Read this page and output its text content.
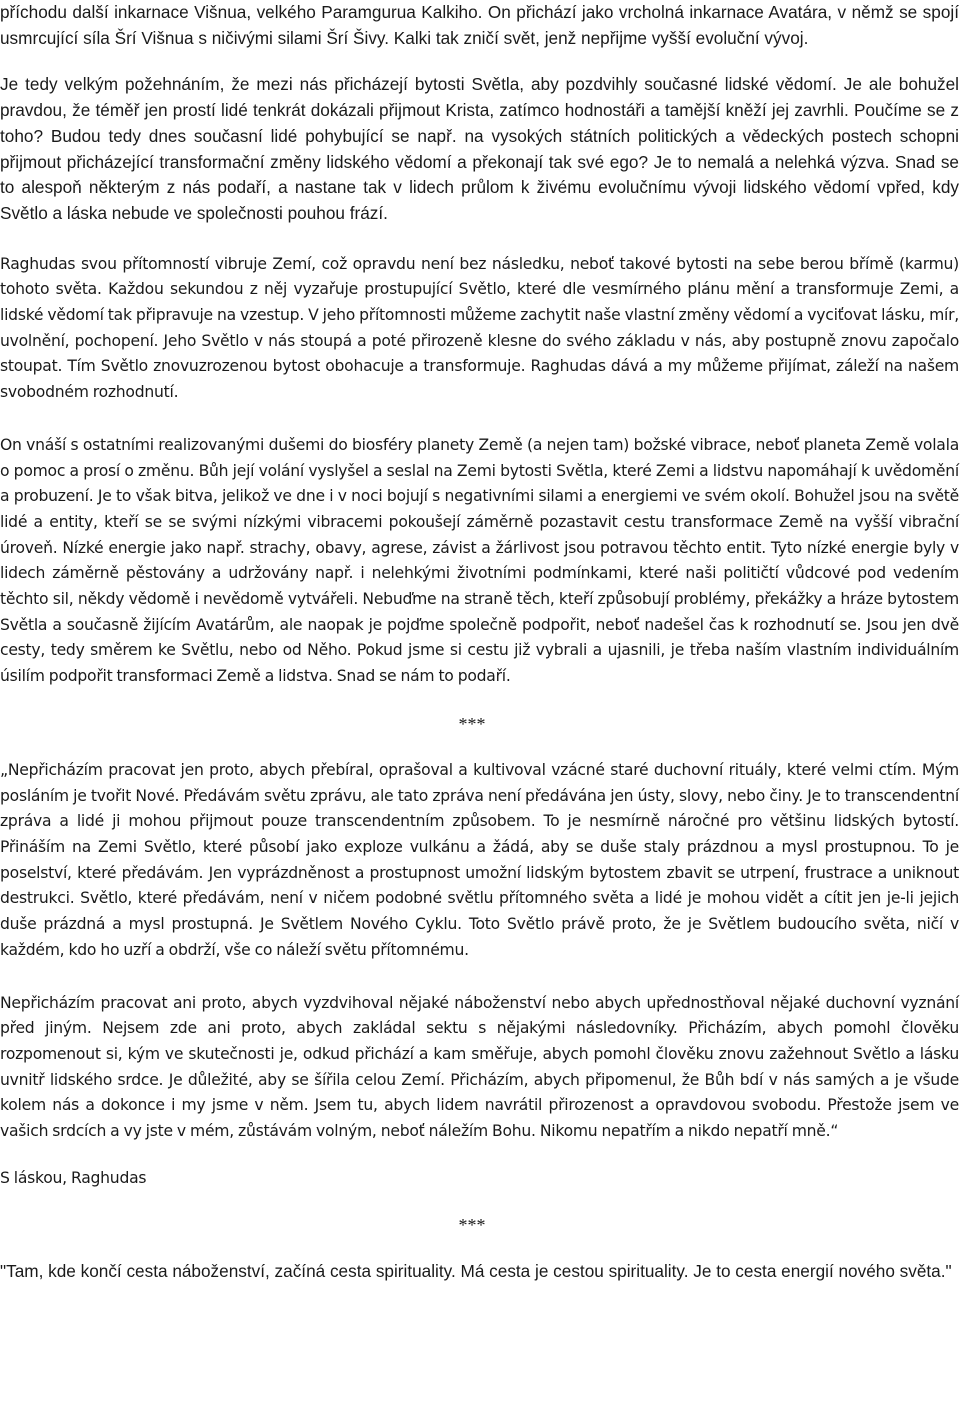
příchodu další inkarnace Višnua, velkého Paramgurua Kalkiho. On přichází jako vrcholná inkarnace Avatára, v němž se spojí usmrcující síla Šrí Višnua s ničivými silami Šrí Šivy. Kalki tak zničí svět, jenž nepřijme vyšší evoluční vývoj.

Je tedy velkým požehnáním, že mezi nás přicházejí bytosti Světla, aby pozdvihly současné lidské vědomí. Je ale bohužel pravdou, že téměř jen prostí lidé tenkrát dokázali přijmout Krista, zatímco hodnostáři a tamější kněží jej zavrhli. Poučíme se z toho? Budou tedy dnes současní lidé pohybující se např. na vysokých státních politických a vědeckých postech schopni přijmout přicházející transformační změny lidského vědomí a překonají tak své ego? Je to nemalá a nelehká výzva. Snad se to alespoň některým z nás podaří, a nastane tak v lidech průlom k živému evolučnímu vývoji lidského vědomí vpřed, kdy Světlo a láska nebude ve společnosti pouhou frází.

Raghudas svou přítomností vibruje Zemí, což opravdu není bez následku, neboť takové bytosti na sebe berou břímě (karmu) tohoto světa. Každou sekundou z něj vyzařuje prostupující Světlo, které dle vesmírného plánu mění a transformuje Zemi, a lidské vědomí tak připravuje na vzestup. V jeho přítomnosti můžeme zachytit naše vlastní změny vědomí a vyciťovat lásku, mír, uvolnění, pochopení. Jeho Světlo v nás stoupá a poté přirozeně klesne do svého základu v nás, aby postupně znovu započalo stoupat. Tím Světlo znovuzrozenou bytost obohacuje a transformuje. Raghudas dává a my můžeme přijímat, záleží na našem svobodném rozhodnutí.

On vnáší s ostatními realizovanými dušemi do biosféry planety Země (a nejen tam) božské vibrace, neboť planeta Země volala o pomoc a prosí o změnu. Bůh její volání vyslyšel a seslal na Zemi bytosti Světla, které Zemi a lidstvu napomáhají k uvědomění a probuzení. Je to však bitva, jelikož ve dne i v noci bojují s negativními silami a energiemi ve svém okolí. Bohužel jsou na světě lidé a entity, kteří se se svými nízkými vibracemi pokoušejí záměrně pozastavit cestu transformace Země na vyšší vibrační úroveň. Nízké energie jako např. strachy, obavy, agrese, závist a žárlivost jsou potravou těchto entit. Tyto nízké energie byly v lidech záměrně pěstovány a udržovány např. i nelehkými životními podmínkami, které naši političtí vůdcové pod vedením těchto sil, někdy vědomě i nevědomě vytvářeli. Nebuďme na straně těch, kteří způsobují problémy, překážky a hráze bytostem Světla a současně žijícím Avatárům, ale naopak je pojďme společně podpořit, neboť nadešel čas k rozhodnutí se. Jsou jen dvě cesty, tedy směrem ke Světlu, nebo od Něho. Pokud jsme si cestu již vybrali a ujasnili, je třeba naším vlastním individuálním úsilím podpořit transformaci Země a lidstva. Snad se nám to podaří.

***

„Nepřicházím pracovat jen proto, abych přebíral, oprašoval a kultivoval vzácné staré duchovní rituály, které velmi ctím. Mým posláním je tvořit Nové. Předávám světu zprávu, ale tato zpráva není předávána jen ústy, slovy, nebo činy. Je to transcendentní zpráva a lidé ji mohou přijmout pouze transcendentním způsobem. To je nesmírně náročné pro většinu lidských bytostí. Přináším na Zemi Světlo, které působí jako exploze vulkánu a žádá, aby se duše staly prázdnou a mysl prostupnou. To je poselství, které předávám. Jen vyprázdněnost a prostupnost umožní lidským bytostem zbavit se utrpení, frustrace a uniknout destrukci. Světlo, které předávám, není v ničem podobné světlu přítomného světa a lidé je mohou vidět a cítit jen je-li jejich duše prázdná a mysl prostupná. Je Světlem Nového Cyklu. Toto Světlo právě proto, že je Světlem budoucího světa, ničí v každém, kdo ho uzří a obdrží, vše co náleží světu přítomnému.

Nepřicházím pracovat ani proto, abych vyzdvihoval nějaké náboženství nebo abych upřednostňoval nějaké duchovní vyznání před jiným. Nejsem zde ani proto, abych zakládal sektu s nějakými následovníky. Přicházím, abych pomohl člověku rozpomenout si, kým ve skutečnosti je, odkud přichází a kam směřuje, abych pomohl člověku znovu zažehnout Světlo a lásku uvnitř lidského srdce. Je důležité, aby se šířila celou Zemí. Přicházím, abych připomenul, že Bůh bdí v nás samých a je všude kolem nás a dokonce i my jsme v něm. Jsem tu, abych lidem navrátil přirozenost a opravdovou svobodu. Přestože jsem ve vašich srdcích a vy jste v mém, zůstávám volným, neboť náležím Bohu. Nikomu nepatřím a nikdo nepatří mně.“

S láskou, Raghudas

***

"Tam, kde končí cesta náboženství, začíná cesta spirituality. Má cesta je cestou spirituality. Je to cesta energií nového světa."
